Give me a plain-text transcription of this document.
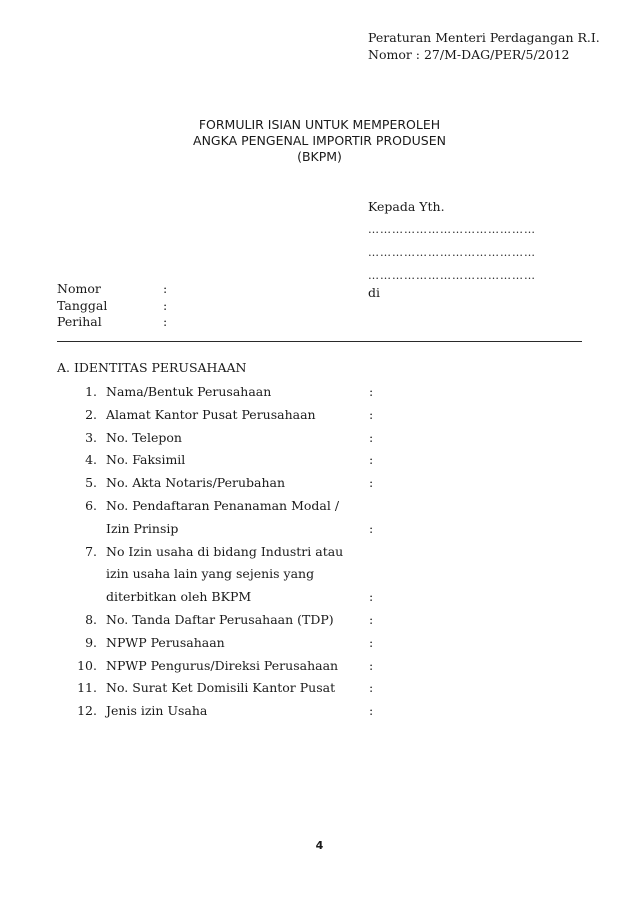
Peraturan Menteri Perdagangan R.I.
Nomor : 27/M-DAG/PER/5/2012
FORMULIR ISIAN UNTUK MEMPEROLEH
ANGKA PENGENAL IMPORTIR PRODUSEN
(BKPM)
Kepada Yth.
……………………………………
……………………………………
……………………………………
di
Nomor	:
Tanggal	:
Perihal	:
A. IDENTITAS PERUSAHAAN
1. Nama/Bentuk Perusahaan	:
2. Alamat Kantor Pusat Perusahaan	:
3. No. Telepon	:
4. No. Faksimil	:
5. No. Akta Notaris/Perubahan	:
6. No. Pendaftaran Penanaman Modal /
Izin Prinsip	:
7. No Izin usaha di bidang Industri atau
izin usaha lain yang sejenis yang
diterbitkan oleh BKPM	:
8. No. Tanda Daftar Perusahaan (TDP)	:
9. NPWP Perusahaan	:
10. NPWP Pengurus/Direksi Perusahaan :
11. No. Surat Ket Domisili Kantor Pusat	:
12. Jenis izin Usaha	:
4
